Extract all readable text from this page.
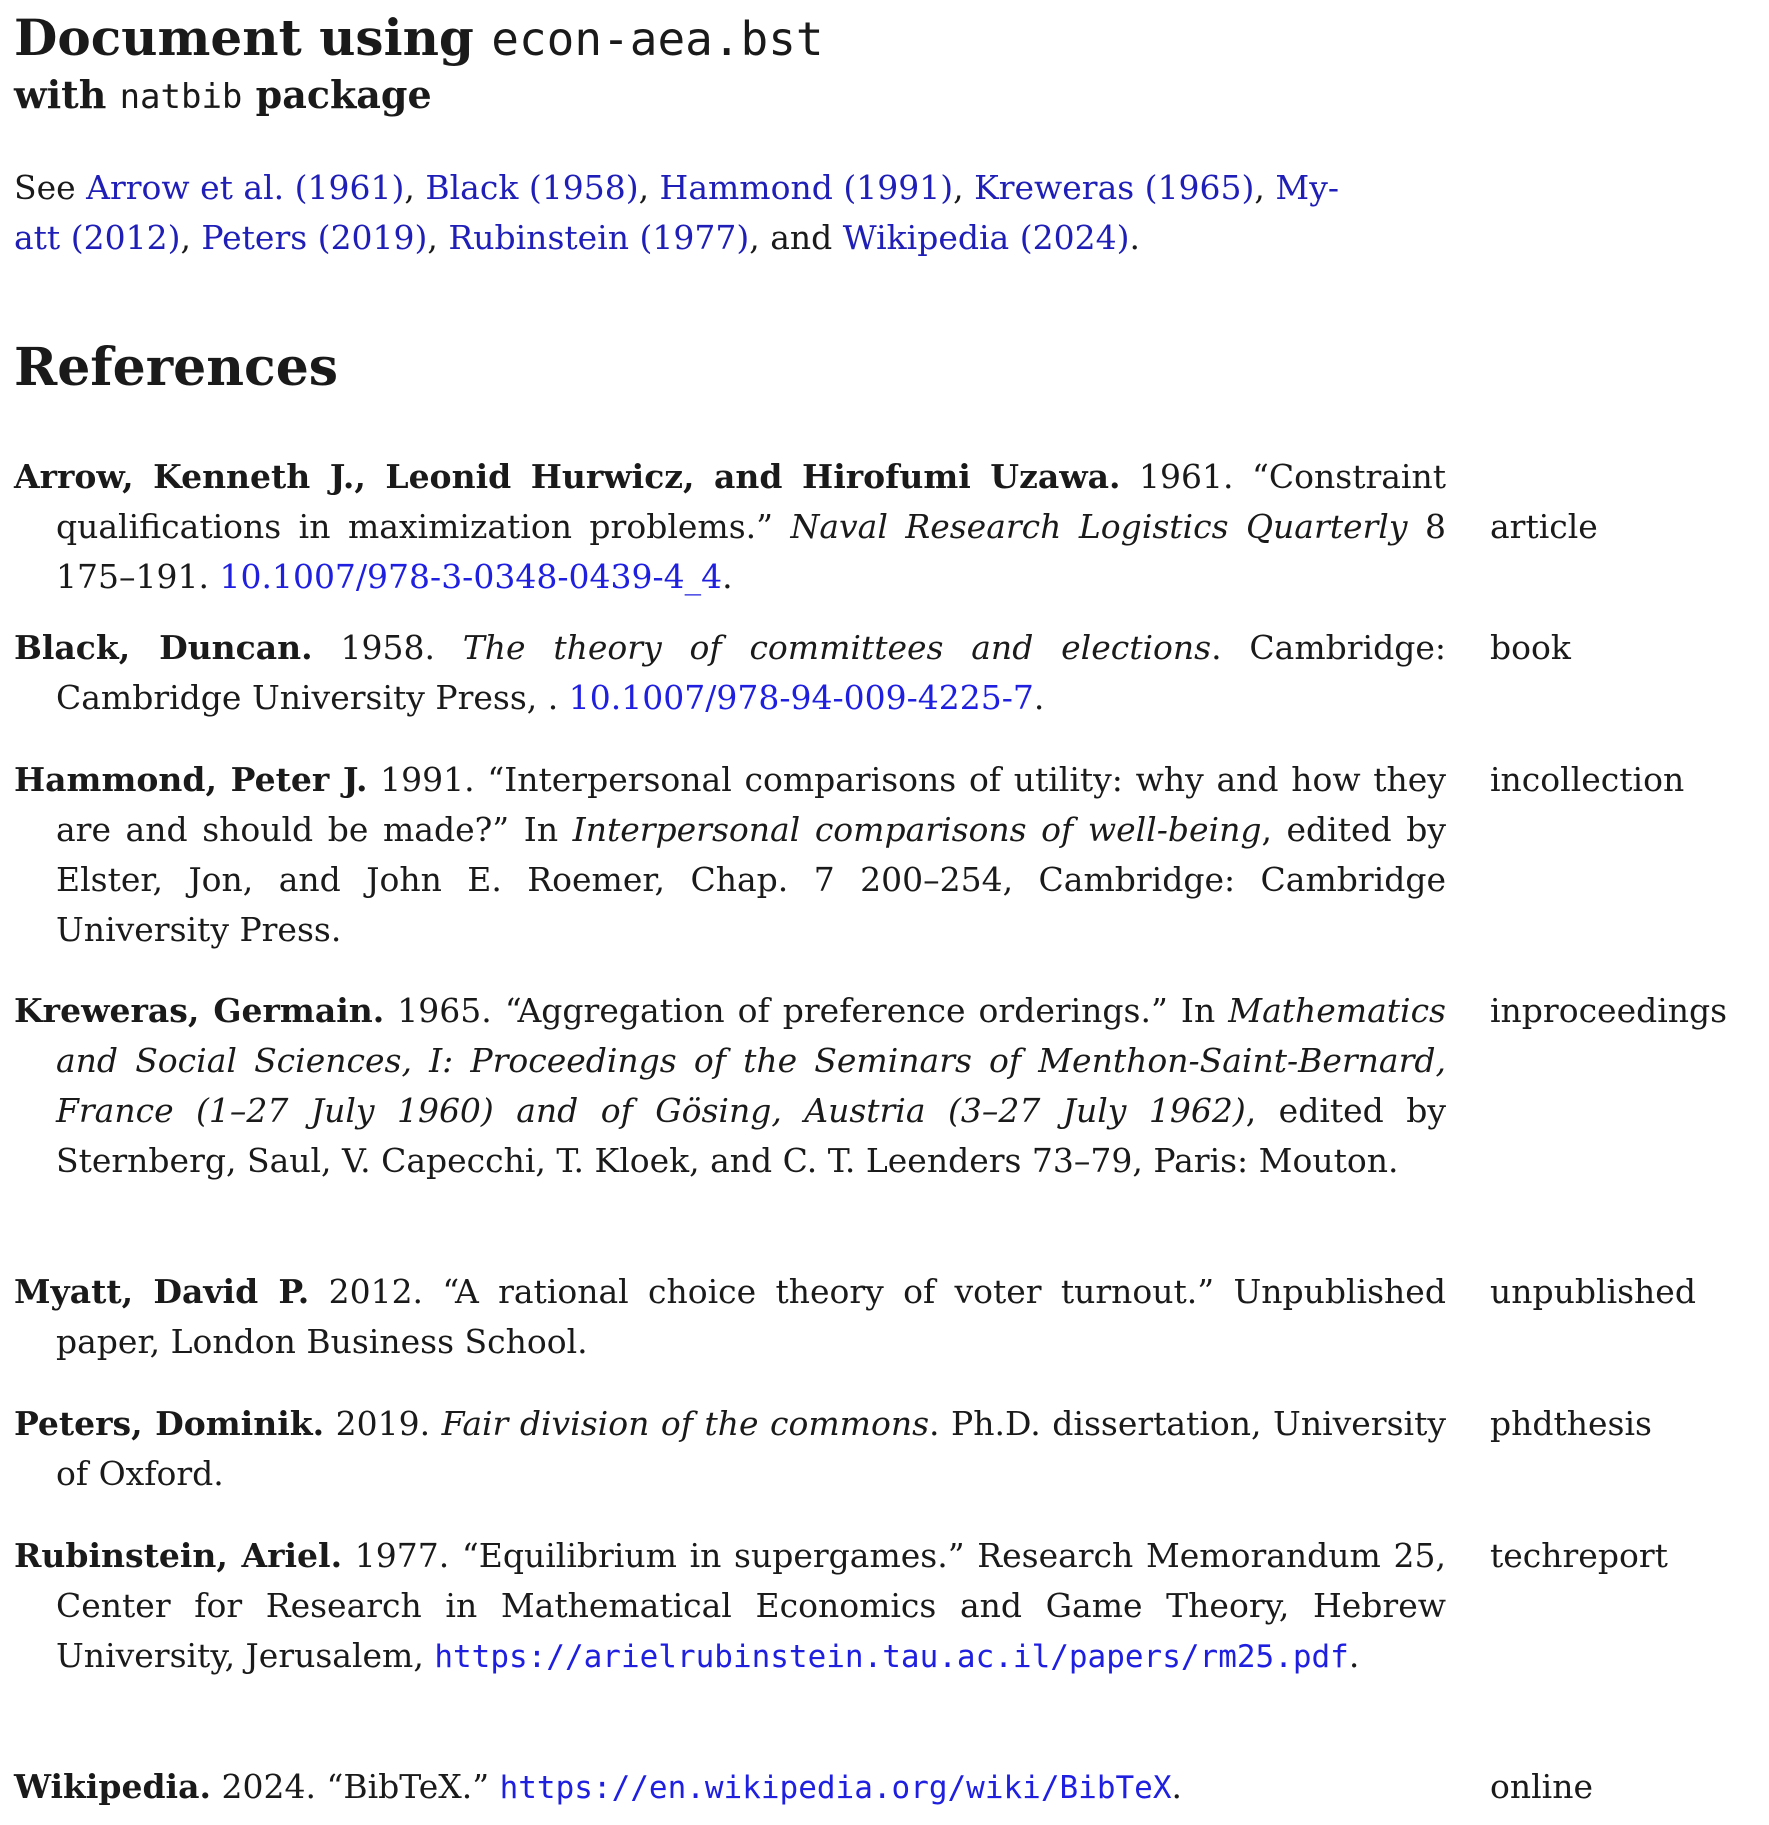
Document using econ-aea.bst
with natbib package

See Arrow et al. (1961), Black (1958), Hammond (1991), Kreweras (1965), My-
att (2012), Peters (2019), Rubinstein (1977), and Wikipedia (2024).

References

Arrow, Kenneth J., Leonid Hurwicz, and Hirofumi Uzawa. 1961. “Constraint qualifications in maximization problems.” Naval Research Logistics Quarterly 8 175–191. 10.1007/978-3-0348-0439-4_4.

article

Black, Duncan. 1958. The theory of committees and elections. Cambridge: Cambridge University Press, . 10.1007/978-94-009-4225-7.

book

Hammond, Peter J. 1991. “Interpersonal comparisons of utility: why and how they are and should be made?” In Interpersonal comparisons of well-being, edited by Elster, Jon, and John E. Roemer, Chap. 7 200–254, Cambridge: Cambridge University Press.

incollection

Kreweras, Germain. 1965. “Aggregation of preference orderings.” In Mathematics and Social Sciences, I: Proceedings of the Seminars of Menthon-Saint-Bernard, France (1–27 July 1960) and of Gösing, Austria (3–27 July 1962), edited by Sternberg, Saul, V. Capecchi, T. Kloek, and C. T. Leenders 73–79, Paris: Mouton.

inproceedings

Myatt, David P. 2012. “A rational choice theory of voter turnout.” Unpublished paper, London Business School.

unpublished

Peters, Dominik. 2019. Fair division of the commons. Ph.D. dissertation, University of Oxford.

phdthesis

Rubinstein, Ariel. 1977. “Equilibrium in supergames.” Research Memorandum 25, Center for Research in Mathematical Economics and Game Theory, Hebrew University, Jerusalem, https://arielrubinstein.tau.ac.il/papers/rm25.pdf.

techreport

Wikipedia. 2024. “BibTeX.” https://en.wikipedia.org/wiki/BibTeX.	online
